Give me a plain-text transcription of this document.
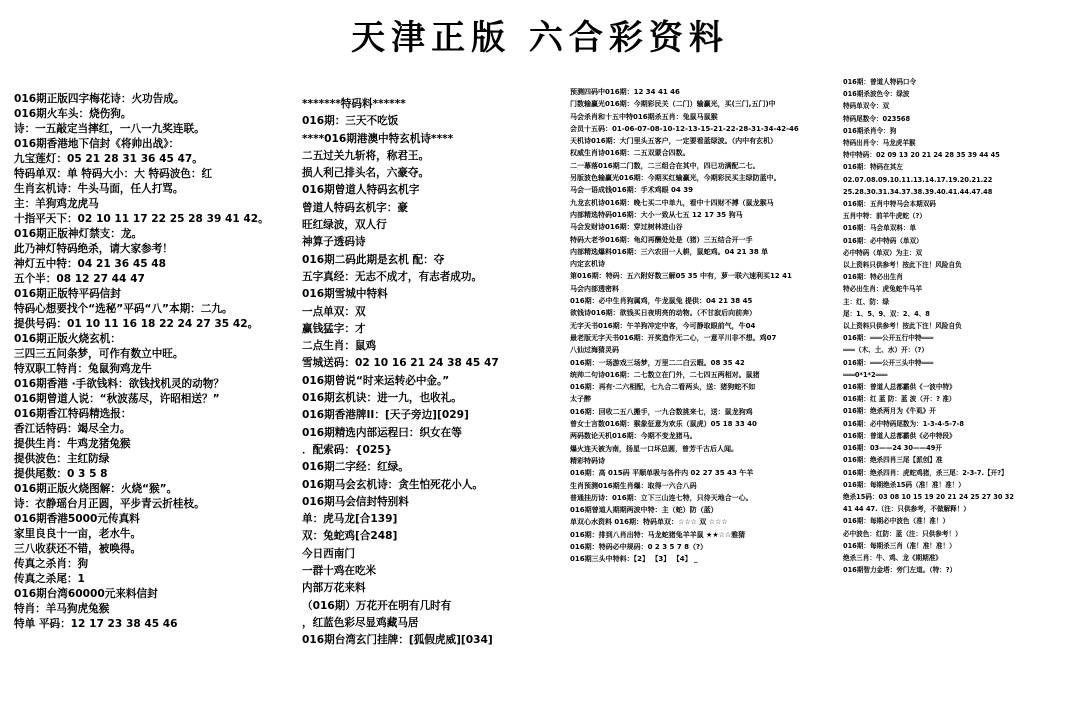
天津正版 六合彩资料
016期正版四字梅花诗：火功告成。
016期火车头：烧伤狗。
诗：一五敲定当摔红，一八一九奖连联。
016期香港地下信封《将帅出战》：
九宝莲灯：05 21 28 31 36 45 47。
特码单双：单 特码大小：大 特码波色：红
生肖玄机诗：牛头马面，任人打骂。
主：羊狗鸡龙虎马
十指平天下：02 10 11 17 22 25 28 39 41 42。
016期正版神灯禁支：龙。
此乃神灯特码绝杀，请大家参考！
神灯五中特：04 21 36 45 48
五个半：08 12 27 44 47
016期正版特平码信封
特码心想要找个“选秘”平码“八”本期：二九。
提供号码：01 10 11 16 18 22 24 27 35 42。
016期正版火烧玄机：
三四三五问条梦，可作有数立中旺。
特双职工特肖：兔鼠狗鸡龙牛
016期香港 ·手欲钱料：欲钱找机灵的动物？
016期曾道人说：“秋波荡尽，许昭相送？”
016期香江特码精选报：
香江话特码：竭尽全力。
提供生肖：牛鸡龙猪兔猴
提供波色：主红防绿
提供尾数：0 3 5 8
016期正版火烧图解：火烧“猴”。
诗：衣静瑶台月正圆，平步青云折桂枝。
016期香港5000元传真料
家里良良十一亩，老水牛。
三八收获还不错，被唤得。
传真之杀肖：狗
传真之杀尾：1
016期台湾60000元来料信封
特肖：羊马狗虎兔猴
特单 平码：12 17 23 38 45 46
*******特码料******
016期：三天不吃饭
****016期港澳中特玄机诗****
二五过关九斩将，称君王。
损人利己排头名，六豪夺。
016期曾道人特码玄机字
曾道人特码玄机字：豪
旺红绿波，双人行
神算子透码诗
016期二码此期是玄机 配：夺
五字真经：无志不成才，有志者成功。
016期雪城中特料
一点单双：双
赢钱猛字：才
二点生肖：鼠鸡
雪城送码：02 10 16 21 24 38 45 47
016期曾说“时来运转必中金。”
016期玄机诀：进一九，也收礼。
016期香港牌II：[天子旁边][029]
016期精选内部运程曰：织女在等
．配索码：{025}
016期二字经：红绿。
016期马会玄机诗：贪生怕死花小人。
016期马会信封特别料
单：虎马龙[合139]
双：兔蛇鸡[合248]
今日西南门
一群十鸡在吃米
内部万花来料
（016期）万花开在明有几时有
，红蓝色彩尽显鸡藏马居
016期台湾玄门挂牌：[狐假虎威][034]
预测四码中016期：12 34 41 46
门数输赢光016期：今期彩民关（二门）输赢光，买(三门,五门)中
马会杀肖和十五中特016期杀五肖：兔鼠马鼠猴
会员十五码：01-06-07-08-10-12-13-15-21-22-28-31-34-42-46
天机诗016期：大门里头五客户，一定要看蓝绿波。（内中有玄机）
权威生肖诗016期：二五双蒙合四数。
二一幕落016期二门数，二三组合在其中，四已功满配二七。
另版波色输赢光016期：今期买红输赢光，今期彩民买主绿防蓝中。
马会一语成钱016期：手术鸡眼 04 39
九龙玄机诗016期：晚七买二中单九，看中十四财不搏（鼠龙猴马
内部精选特码016期：大小一致从七五 12 17 35 狗马
马会发财诗016期：穿过树林进山谷
特码大老爷016期：龟幻再酬处处是（猪）三五结合开一手
内部精选爆料016期：三六农田一人耕，鼠蛇鸡。04 21 38 单
内定玄机诗
第016期：特码：五六附好数三解05 35 中有，萝一联六速利买12 41
马会内部透密料
016期：必中生肖狗属鸡，牛龙鼠兔 提供：04 21 38 45
欲钱诗016期：欲钱买日夜明亮的动物。（不甘寂后向前奔）
无字天书016期：午羊狗冲定中客，今可静取眼前气，牛04
最老版无字天书016期：开奖造作无二心，一意平川非不想。鸡07
八仙过海猜灵码
016期：一场游戏三场梦，万里二二白云暇。08 35 42
统帅二句诗016期：二七数立在门外，二七四五两相对。鼠猪
016期：再有·二六相配，七九合二看两头，送：猪狗蛇不如
太子醉
016期：回收二五八搬手，一九合数挑来七，送：鼠龙狗鸡
曾女士言数016期：猴象征意为欢乐（鼠虎）05 18 33 40
两码数论天机016期：今期不变龙猪马。
爆火连天被为南，扬星一口坏总圆，曾芳千古后人闻。
精彩特码诗
016期：高 015码 平顺单吸与各件内 02 27 35 43 午羊
生肖预测016期生肖爆：取得一六合八码
普通挂历诗：016期：立下三山连七特，只待天地合一心。
016期曾道人期期两波中特：主（蛇）防（蓝）
单双心水资料 016期：特码单双：☆☆☆ 双 ☆☆☆
016期：排到八肖出特：马龙蛇猪兔羊羊鼠 ★★☆☆雅猜
016期：特码必中规码：0 2 3 5 7 8（?）
016期三头中特料：【2】 【3】 【4】 _
016期：曾道人特码口令
016期杀波色令：绿波
特码单双令：双
特码尾数令：023568
016期杀肖令：狗
特码出肖令：马龙虎羊猴
特中特码：02 09 13 20 21 24 28 35 39 44 45
016期：特码在其左
02.07.08.09.10.11.13.14.17.19.20.21.22
25.28.30.31.34.37.38.39.40.41.44.47.48
016期：五肖中特马会本期双码
五肖中特：前羊牛虎蛇（?）
016期：马会单双料：单
016期：必中特码（单双）
必中特码（单双）为主：双
以上资料只供参考！按此下注！风险自负
016期：特必出生肖
特必出生肖：虎兔蛇牛马羊
主：红、防：绿
尾：1、5、9、双：2、4、8
以上资料只供参考！按此下注！风险自负
016期：═══公开五行中特═══
═══（木、土、水）开：（?）
016期：═══公开三头中特═══
═══0*1*2═══
016期：曾道人总都霸供《一波中特》
016期：红 蓝 防：蓝 波（开：? 准）
016期：绝杀两月为《牛虱》开
016期：必中特码尾数为：1-3-4-5-7-8
016期：曾道人总都霸供《必中特段》
016期：03——24 30——49开
016期：绝杀四肖三尾【派创】准
016期：绝杀四肖：虎蛇鸡猪，杀三尾：2-3-7.【开?】
016期：每期绝杀15码（准！准！准！）
绝杀15码：03 08 10 15 19 20 21 24 25 27 30 32
41 44 47.（注：只供参考，不做解释！）
016期：每期必中波色（准！准！）
必中波色：红防：蓝（注：只供参考！）
016期：每期杀三肖（准！准！准！）
绝杀三肖：牛、鸡、龙《期期准》
016期智力金塔：旁门左道。（特：?）
